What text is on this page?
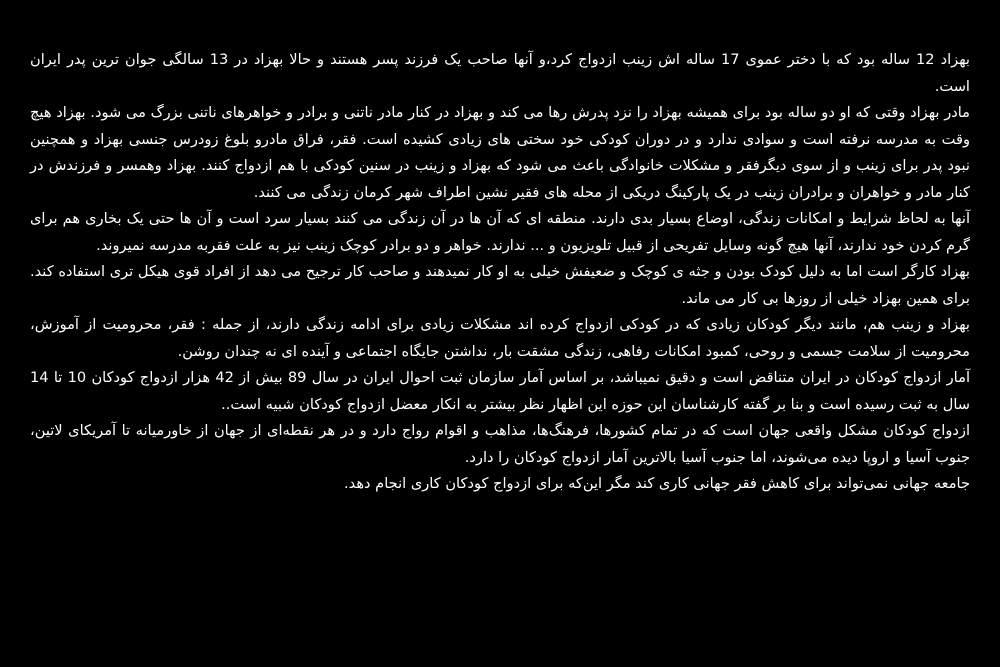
بهزاد 12 ساله بود که با دختر عموی 17 ساله اش زینب ازدواج کرد،و آنها صاحب یک فرزند پسر هستند و حالا بهزاد در 13 سالگی جوان ترین پدر ایران است.

مادر بهزاد وقتی که او دو ساله بود برای همیشه بهزاد را نزد پدرش رها می کند و بهزاد در کنار مادر ناتنی و برادر و خواهرهای ناتنی بزرگ می شود. بهزاد هیچ وقت به مدرسه نرفته است و سوادی ندارد و در دوران کودکی خود سختی های زیادی کشیده است. فقر، فراق مادرو بلوغ زودرس جنسی بهزاد و همچنین نبود پدر برای زینب و از سوی دیگرفقر و مشکلات خانوادگی باعث می شود که بهزاد و زینب در سنین کودکی با هم ازدواج کنند. بهزاد وهمسر و فرزندش در کنار مادر و خواهران و برادران زینب در یک پارکینگ دریکی از محله های فقیر نشین اطراف شهر کرمان زندگی می کنند.

آنها به لحاظ شرایط و امکانات زندگی، اوضاع بسیار بدی دارند. منطقه ای که آن ها در آن زندگی می کنند بسیار سرد است و آن ها حتی یک بخاری هم برای گرم کردن خود ندارند، آنها هیچ گونه وسایل تفریحی از قبیل تلویزیون و ... ندارند. خواهر و دو برادر کوچک زینب نیز به علت فقربه مدرسه نمیروند.

بهزاد کارگر است اما به دلیل کودک بودن و جثه ی کوچک و ضعیفش خیلی به او کار نمیدهند و صاحب کار ترجیح می دهد از افراد قوی هیکل تری استفاده کند. برای همین بهزاد خیلی از روزها بی کار می ماند.

بهزاد و زینب هم، مانند دیگر کودکان زیادی که در کودکی ازدواج کرده اند مشکلات زیادی برای ادامه زندگی دارند، از جمله : فقر، محرومیت از آموزش، محرومیت از سلامت جسمی و روحی، کمبود امکانات رفاهی، زندگی مشقت بار، نداشتن جایگاه اجتماعی و آینده ای نه چندان روشن.

آمار ازدواج کودکان در ایران متناقض است و دقیق نمیباشد، بر اساس آمار سازمان ثبت احوال ایران در سال 89 بیش از 42 هزار ازدواج کودکان 10 تا 14 سال به ثبت رسیده است و بنا بر گفته کارشناسان این حوزه این اظهار نظر بیشتر به انکار معضل ازدواج کودکان شبیه است..

ازدواج کودکان مشکل واقعی جهان است که در تمام کشورها، فرهنگ‌ها، مذاهب و اقوام رواج دارد و در هر نقطه‌ای از جهان از خاورمیانه تا آمریکای لاتین، جنوب آسیا و اروپا دیده می‌شوند، اما جنوب آسیا بالاترین آمار ازدواج کودکان را دارد.

جامعه جهانی نمی‌تواند برای کاهش فقر جهانی کاری کند مگر این‌که برای ازدواج کودکان کاری انجام دهد.
